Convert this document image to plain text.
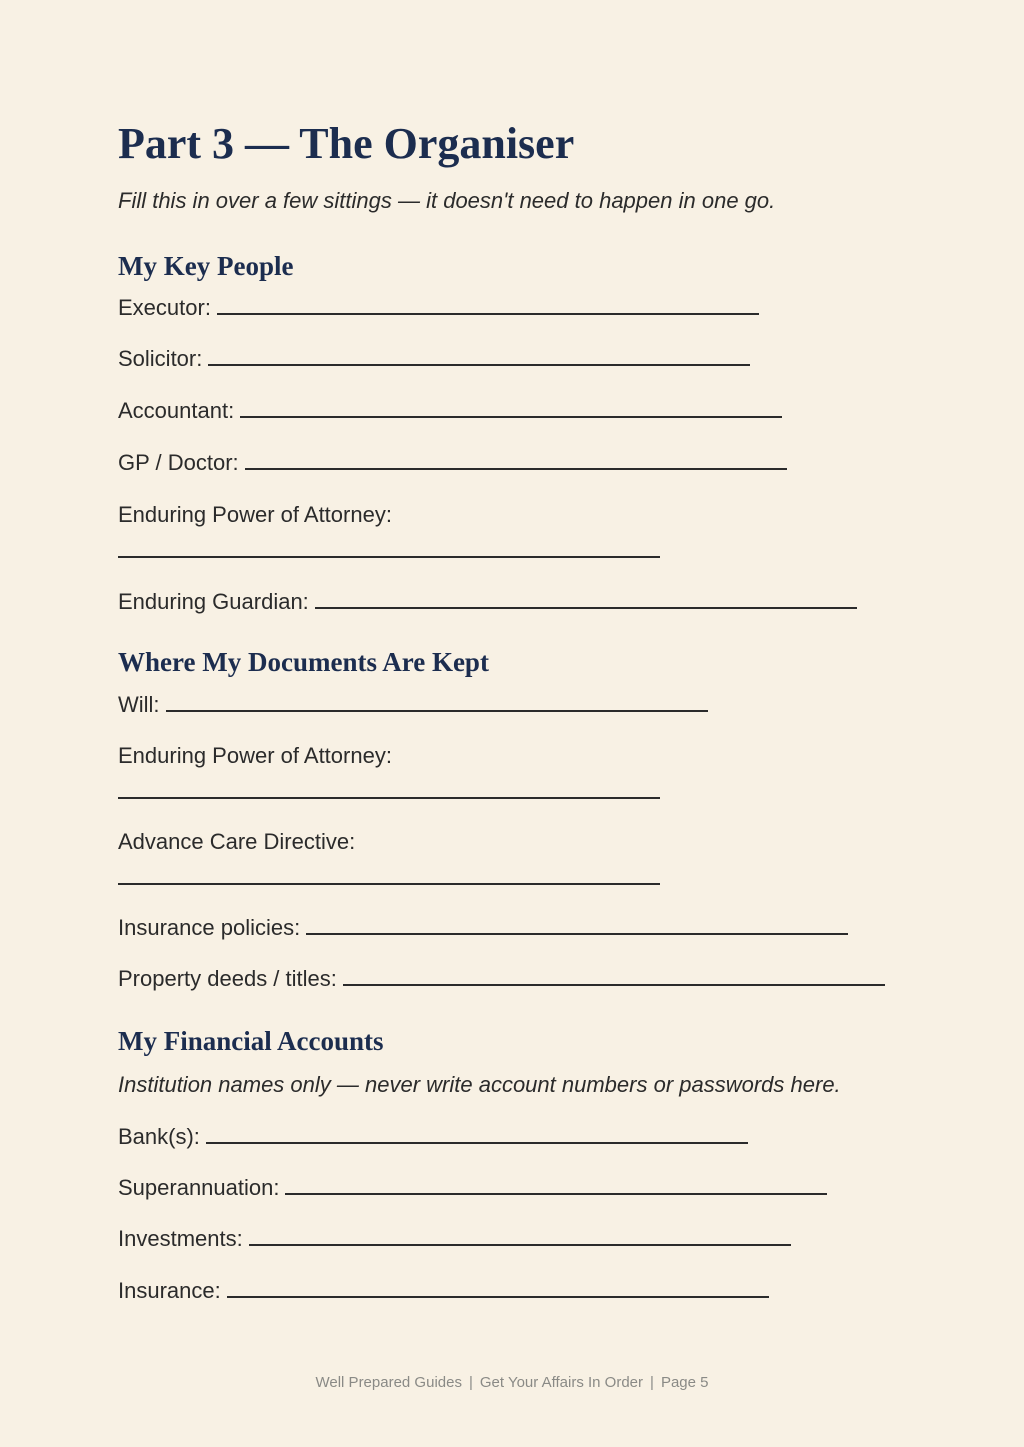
Part 3 — The Organiser
Fill this in over a few sittings — it doesn't need to happen in one go.
My Key People
Executor:
Solicitor:
Accountant:
GP / Doctor:
Enduring Power of Attorney:
Enduring Guardian:
Where My Documents Are Kept
Will:
Enduring Power of Attorney:
Advance Care Directive:
Insurance policies:
Property deeds / titles:
My Financial Accounts
Institution names only — never write account numbers or passwords here.
Bank(s):
Superannuation:
Investments:
Insurance:
Well Prepared Guides | Get Your Affairs In Order | Page 5
